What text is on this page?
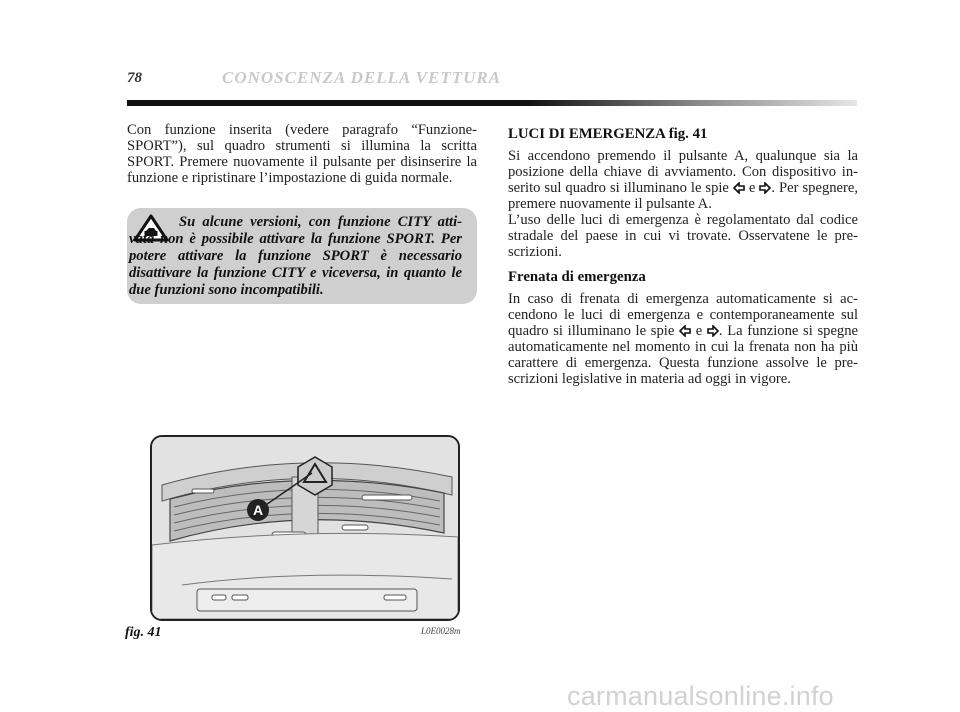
78	CONOSCENZA DELLA VETTURA

Con funzione inserita (vedere paragrafo “Funzione-SPORT”), sul quadro strumenti si illumina la scritta SPORT. Premere nuovamente il pulsante per disinserire la funzione e ripristinare l’impostazione di guida normale.

Su alcune versioni, con funzione CITY atti-vata non è possibile attivare la funzione SPORT. Per potere attivare la funzione SPORT è necessario disattivare la funzione CITY e viceversa, in quanto le due funzioni sono incompatibili.
LUCI DI EMERGENZA fig. 41

Si accendono premendo il pulsante A, qualunque sia la posizione della chiave di avviamento. Con dispositivo in-serito sul quadro si illuminano le spie e . Per spegnere, premere nuovamente il pulsante A.

L’uso delle luci di emergenza è regolamentato dal codice stradale del paese in cui vi trovate. Osservatene le pre-scrizioni.

Frenata di emergenza

In caso di frenata di emergenza automaticamente si ac-cendono le luci di emergenza e contemporaneamente sul quadro si illuminano le spie e . La funzione si spegne automaticamente nel momento in cui la frenata non ha più carattere di emergenza. Questa funzione assolve le pre-scrizioni legislative in materia ad oggi in vigore.

A
fig. 41	L0E0028m
carmanualsonline.info
